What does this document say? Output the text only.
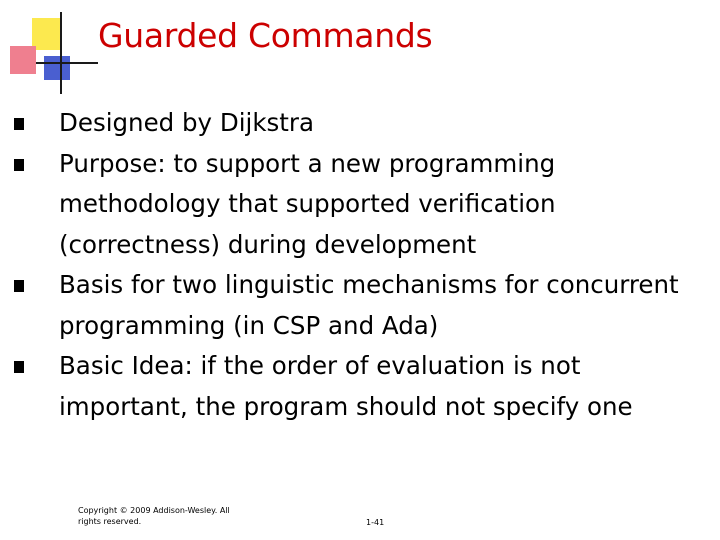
Guarded Commands
Designed by Dijkstra
Purpose: to support a new programming methodology that supported verification (correctness) during development
Basis for two linguistic mechanisms for concurrent programming (in CSP and Ada)
Basic Idea: if the order of evaluation is not important, the program should not specify one
Copyright © 2009 Addison-Wesley. All rights reserved.	1-41
